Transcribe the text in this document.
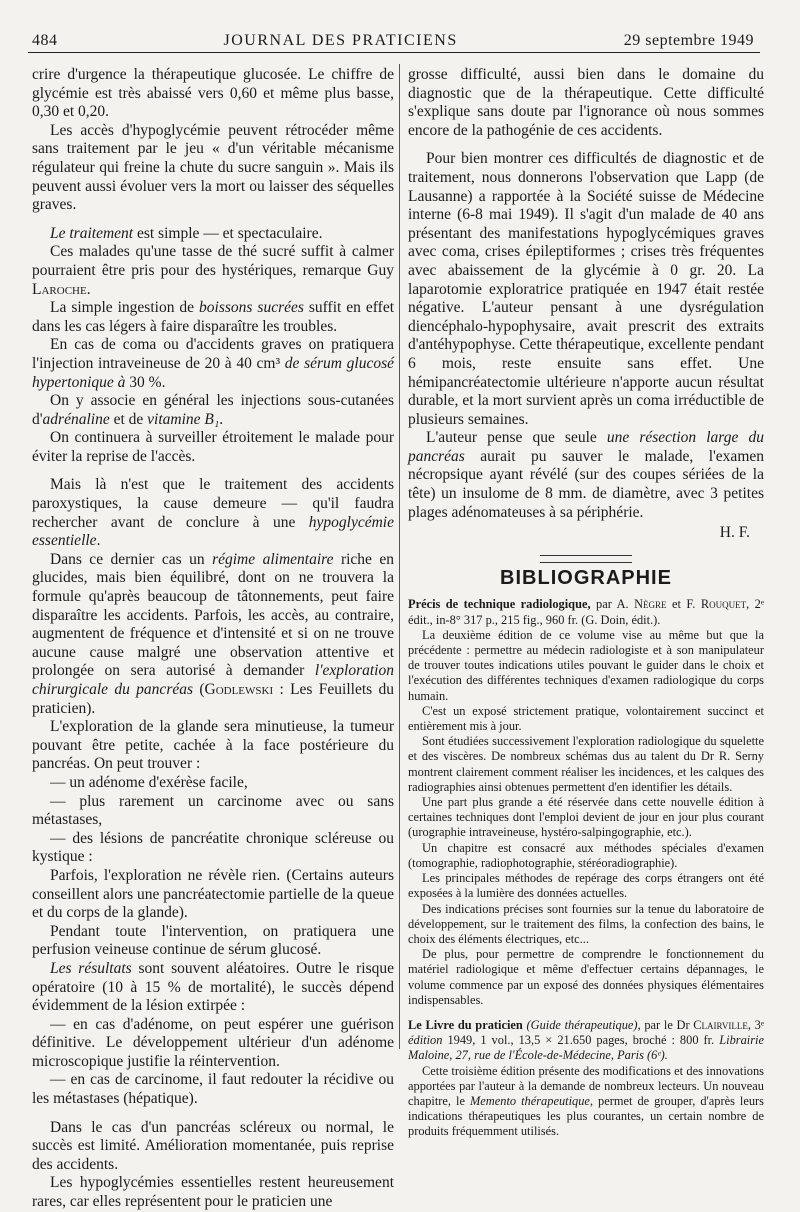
484	JOURNAL DES PRATICIENS	29 septembre 1949

crire d'urgence la thérapeutique glucosée. Le chiffre de glycémie est très abaissé vers 0,60 et même plus basse, 0,30 et 0,20.

Les accès d'hypoglycémie peuvent rétrocéder même sans traitement par le jeu « d'un véritable mécanisme régulateur qui freine la chute du sucre sanguin ». Mais ils peuvent aussi évoluer vers la mort ou laisser des séquelles graves.

Le traitement est simple — et spectaculaire.

Ces malades qu'une tasse de thé sucré suffit à calmer pourraient être pris pour des hystériques, remarque Guy Laroche.

La simple ingestion de boissons sucrées suffit en effet dans les cas légers à faire disparaître les troubles.

En cas de coma ou d'accidents graves on pratiquera l'injection intraveineuse de 20 à 40 cm³ de sérum glucosé hypertonique à 30 %.

On y associe en général les injections sous-cutanées d'adrénaline et de vitamine B₁.

On continuera à surveiller étroitement le malade pour éviter la reprise de l'accès.

Mais là n'est que le traitement des accidents paroxystiques, la cause demeure — qu'il faudra rechercher avant de conclure à une hypoglycémie essentielle.

Dans ce dernier cas un régime alimentaire riche en glucides, mais bien équilibré, dont on ne trouvera la formule qu'après beaucoup de tâtonnements, peut faire disparaître les accidents. Parfois, les accès, au contraire, augmentent de fréquence et d'intensité et si on ne trouve aucune cause malgré une observation attentive et prolongée on sera autorisé à demander l'exploration chirurgicale du pancréas (Godlewski : Les Feuillets du praticien).

L'exploration de la glande sera minutieuse, la tumeur pouvant être petite, cachée à la face postérieure du pancréas. On peut trouver :

— un adénome d'exérèse facile,

— plus rarement un carcinome avec ou sans métastases,

— des lésions de pancréatite chronique scléreuse ou kystique :

Parfois, l'exploration ne révèle rien. (Certains auteurs conseillent alors une pancréatectomie partielle de la queue et du corps de la glande).

Pendant toute l'intervention, on pratiquera une perfusion veineuse continue de sérum glucosé.

Les résultats sont souvent aléatoires. Outre le risque opératoire (10 à 15 % de mortalité), le succès dépend évidemment de la lésion extirpée :

— en cas d'adénome, on peut espérer une guérison définitive. Le développement ultérieur d'un adénome microscopique justifie la réintervention.

— en cas de carcinome, il faut redouter la récidive ou les métastases (hépatique).

Dans le cas d'un pancréas scléreux ou normal, le succès est limité. Amélioration momentanée, puis reprise des accidents.

Les hypoglycémies essentielles restent heureusement rares, car elles représentent pour le praticien une

grosse difficulté, aussi bien dans le domaine du diagnostic que de la thérapeutique. Cette difficulté s'explique sans doute par l'ignorance où nous sommes encore de la pathogénie de ces accidents.

Pour bien montrer ces difficultés de diagnostic et de traitement, nous donnerons l'observation que Lapp (de Lausanne) a rapportée à la Société suisse de Médecine interne (6-8 mai 1949). Il s'agit d'un malade de 40 ans présentant des manifestations hypoglycémiques graves avec coma, crises épileptiformes ; crises très fréquentes avec abaissement de la glycémie à 0 gr. 20. La laparotomie exploratrice pratiquée en 1947 était restée négative. L'auteur pensant à une dysrégulation diencéphalo-hypophysaire, avait prescrit des extraits d'antéhypophyse. Cette thérapeutique, excellente pendant 6 mois, reste ensuite sans effet. Une hémipancréatectomie ultérieure n'apporte aucun résultat durable, et la mort survient après un coma irréductible de plusieurs semaines.

L'auteur pense que seule une résection large du pancréas aurait pu sauver le malade, l'examen nécropsique ayant révélé (sur des coupes sériées de la tête) un insulome de 8 mm. de diamètre, avec 3 petites plages adénomateuses à sa périphérie.

H. F.
BIBLIOGRAPHIE

Précis de technique radiologique, par A. Nègre et F. Rouquet, 2ᵉ édit., in-8° 317 p., 215 fig., 960 fr. (G. Doin, édit.).

La deuxième édition de ce volume vise au même but que la précédente : permettre au médecin radiologiste et à son manipulateur de trouver toutes indications utiles pouvant le guider dans le choix et l'exécution des différentes techniques d'examen radiologique du corps humain.

C'est un exposé strictement pratique, volontairement succinct et entièrement mis à jour.

Sont étudiées successivement l'exploration radiologique du squelette et des viscères. De nombreux schémas dus au talent du Dr R. Serny montrent clairement comment réaliser les incidences, et les calques des radiographies ainsi obtenues permettent d'en identifier les détails.

Une part plus grande a été réservée dans cette nouvelle édition à certaines techniques dont l'emploi devient de jour en jour plus courant (urographie intraveineuse, hystéro-salpingographie, etc.).

Un chapitre est consacré aux méthodes spéciales d'examen (tomographie, radiophotographie, stéréoradiographie).

Les principales méthodes de repérage des corps étrangers ont été exposées à la lumière des données actuelles.

Des indications précises sont fournies sur la tenue du laboratoire de développement, sur le traitement des films, la confection des bains, le choix des éléments électriques, etc...

De plus, pour permettre de comprendre le fonctionnement du matériel radiologique et même d'effectuer certains dépannages, le volume commence par un exposé des données physiques élémentaires indispensables.

Le Livre du praticien (Guide thérapeutique), par le Dr Clairville, 3ᵉ édition 1949, 1 vol., 13,5 × 21.650 pages, broché : 800 fr. Librairie Maloine, 27, rue de l'École-de-Médecine, Paris (6ᵉ).

Cette troisième édition présente des modifications et des innovations apportées par l'auteur à la demande de nombreux lecteurs. Un nouveau chapitre, le Memento thérapeutique, permet de grouper, d'après leurs indications thérapeutiques les plus courantes, un certain nombre de produits fréquemment utilisés.
